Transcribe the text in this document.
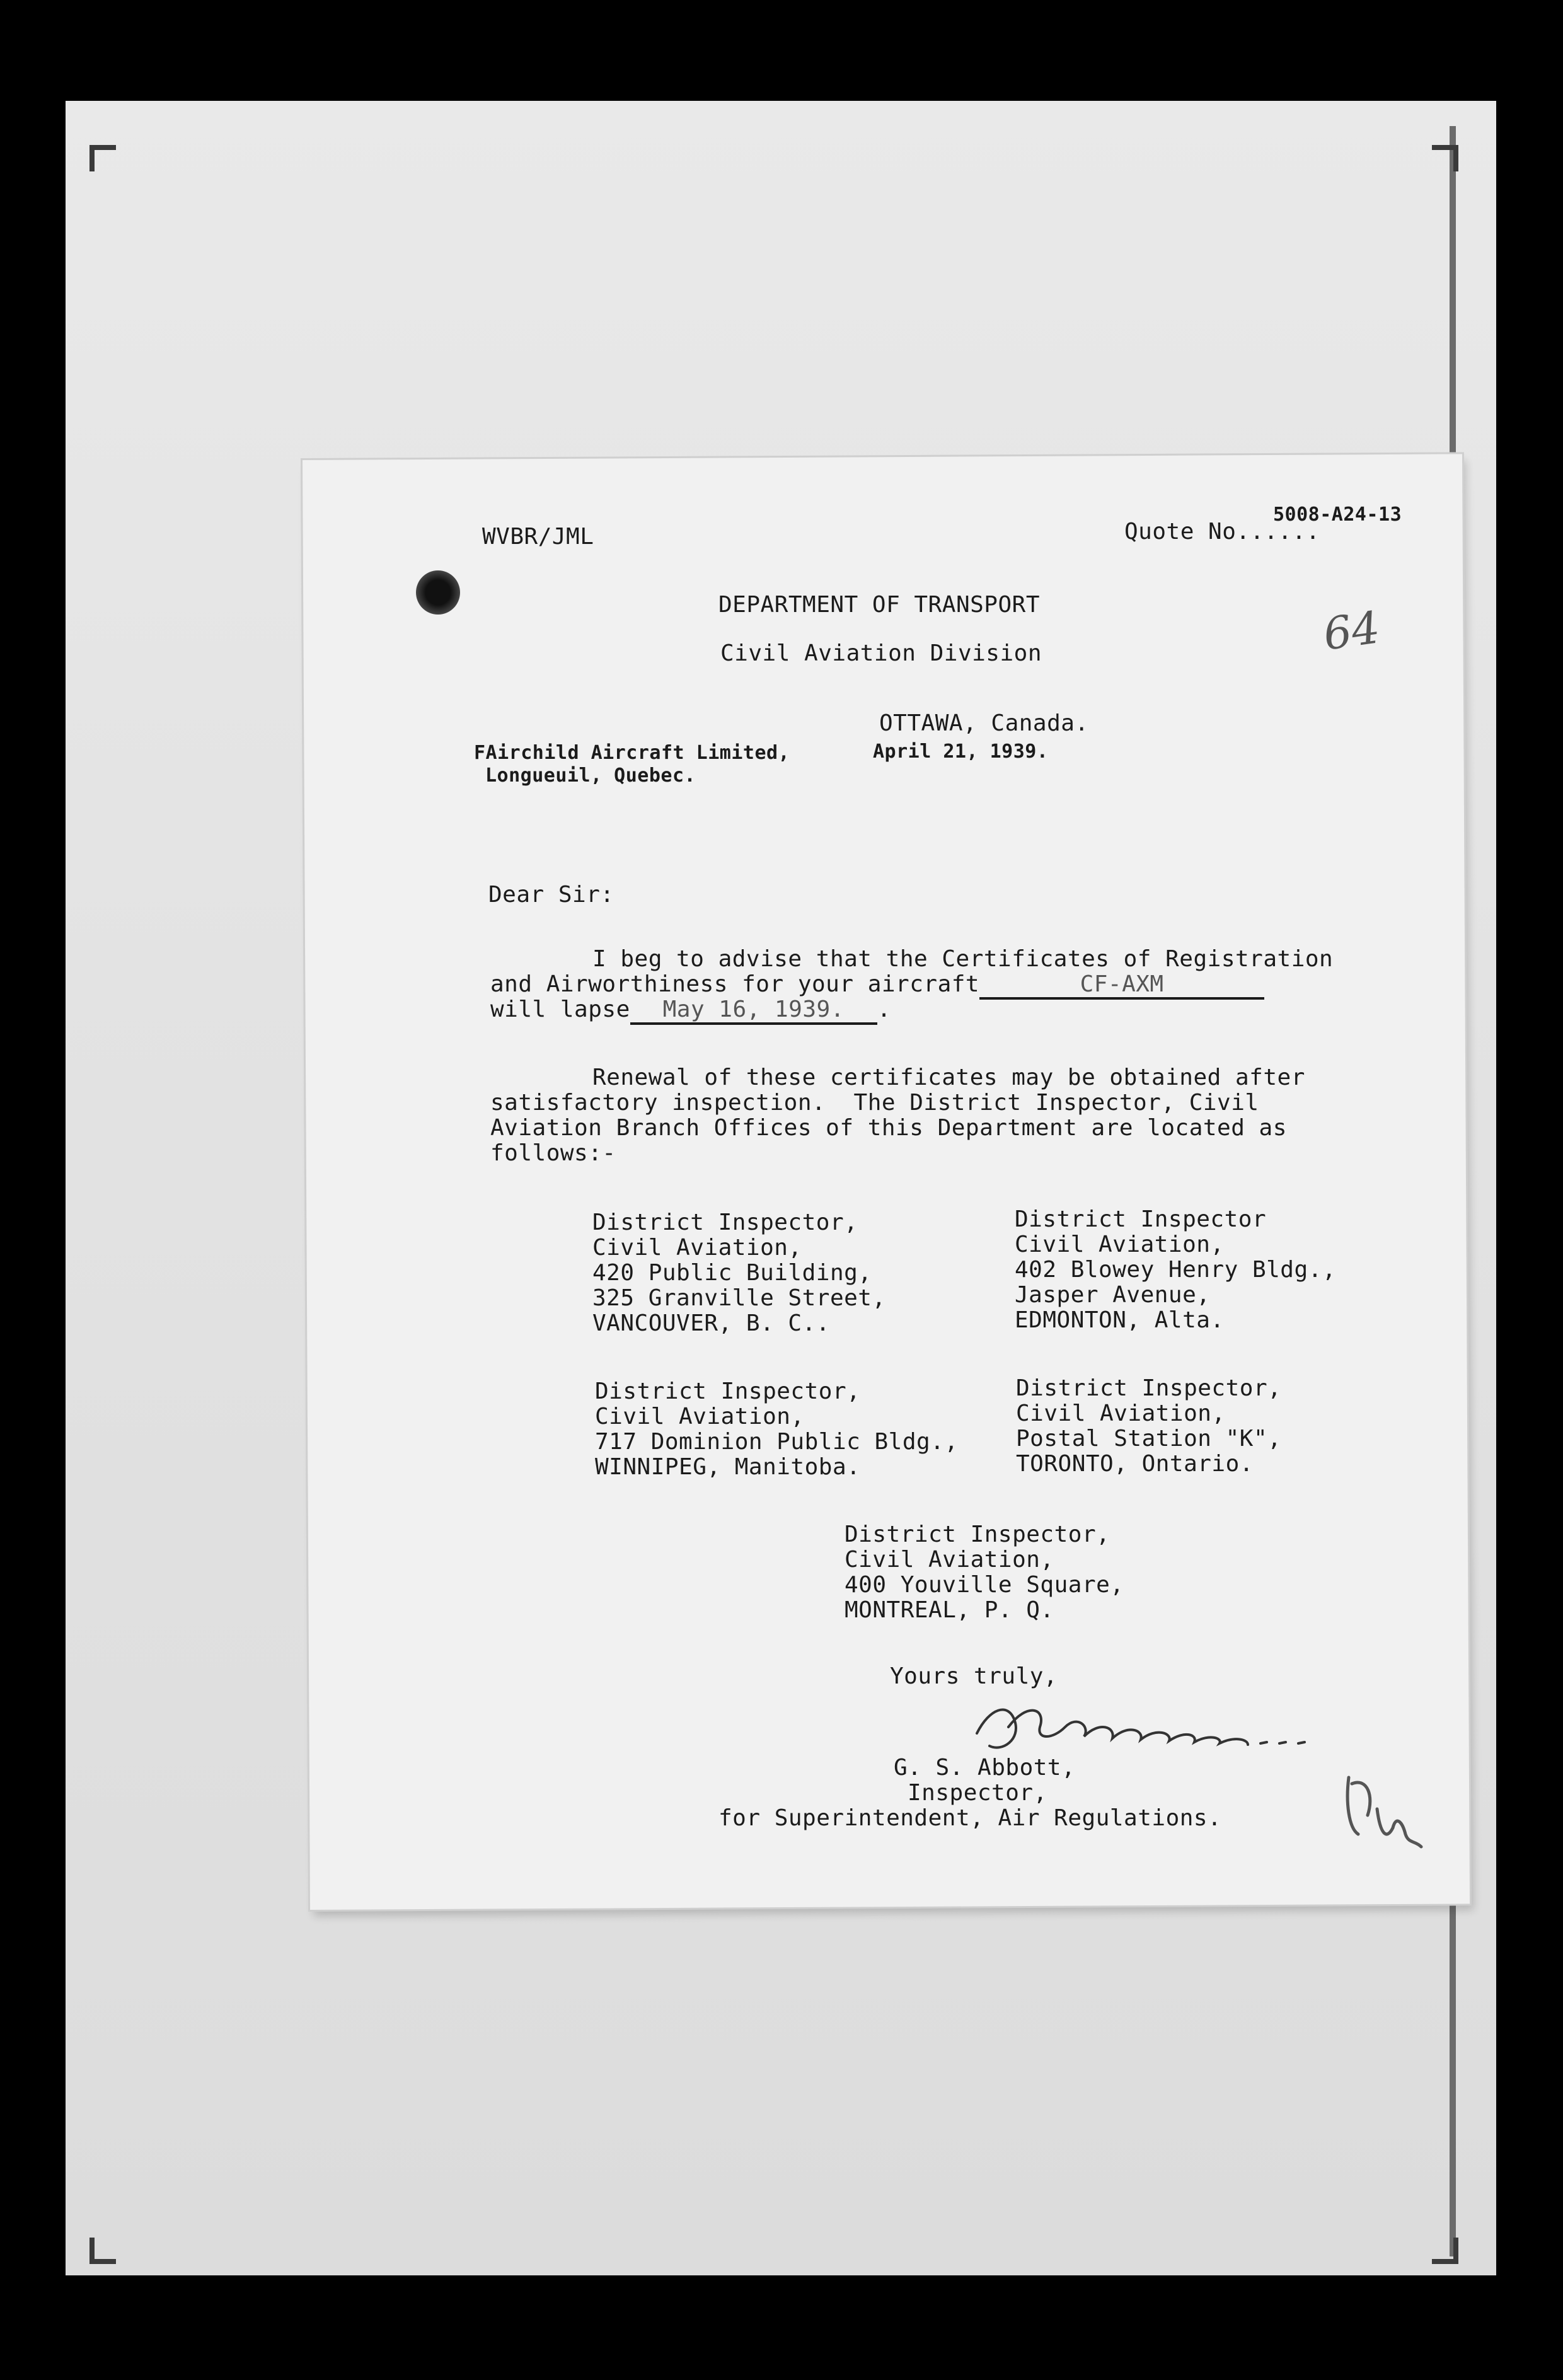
WVBR/JML	Quote No......
5008-A24-13
DEPARTMENT OF TRANSPORT
Civil Aviation Division
OTTAWA, Canada.
April 21, 1939.
FAirchild Aircraft Limited,
Longueuil, Quebec.
64
Dear Sir:
I beg to advise that the Certificates of Registration
and Airworthiness for your aircraft	CF-AXM
will lapse May 16, 1939. .
Renewal of these certificates may be obtained after
satisfactory inspection.  The District Inspector, Civil
Aviation Branch Offices of this Department are located as
follows:-
District Inspector,
Civil Aviation,
420 Public Building,
325 Granville Street,
VANCOUVER, B. C..
District Inspector
Civil Aviation,
402 Blowey Henry Bldg.,
Jasper Avenue,
EDMONTON, Alta.
District Inspector,
Civil Aviation,
717 Dominion Public Bldg.,
WINNIPEG, Manitoba.
District Inspector,
Civil Aviation,
Postal Station "K",
TORONTO, Ontario.
District Inspector,
Civil Aviation,
400 Youville Square,
MONTREAL, P. Q.
Yours truly,
G. S. Abbott,
Inspector,
for Superintendent, Air Regulations.
